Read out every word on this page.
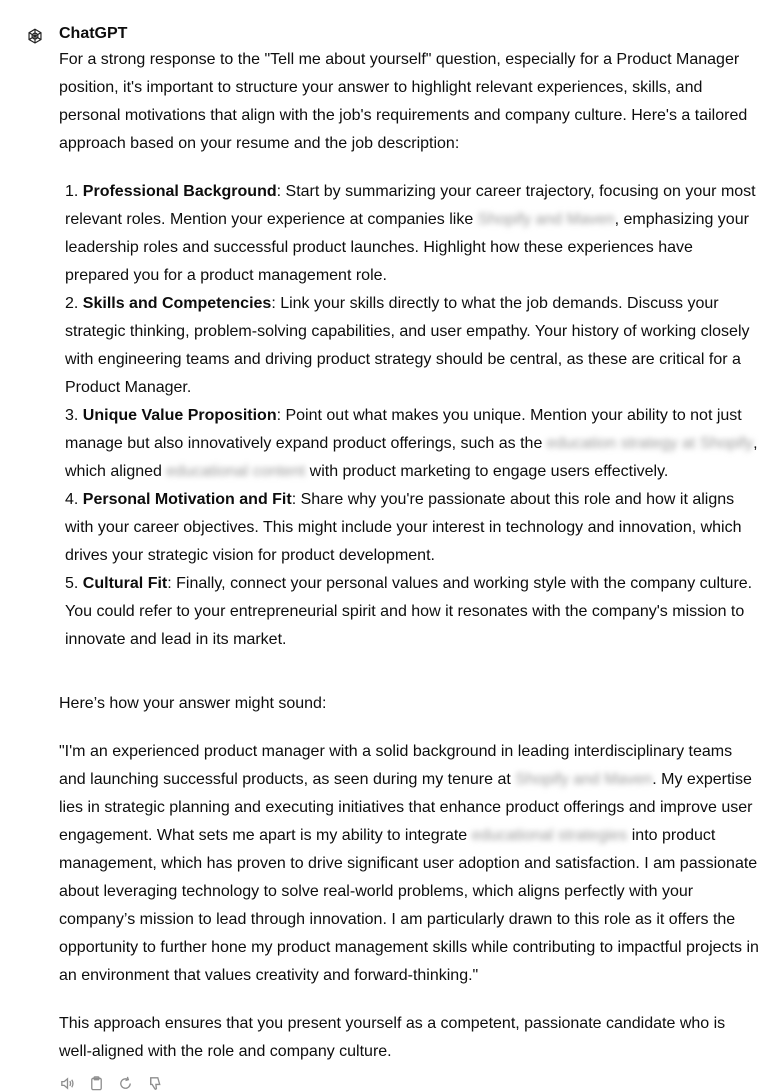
ChatGPT

For a strong response to the "Tell me about yourself" question, especially for a Product Manager position, it's important to structure your answer to highlight relevant experiences, skills, and personal motivations that align with the job's requirements and company culture. Here's a tailored approach based on your resume and the job description:

1. Professional Background: Start by summarizing your career trajectory, focusing on your most relevant roles. Mention your experience at companies like Shopify and Maven, emphasizing your leadership roles and successful product launches. Highlight how these experiences have prepared you for a product management role.
2. Skills and Competencies: Link your skills directly to what the job demands. Discuss your strategic thinking, problem-solving capabilities, and user empathy. Your history of working closely with engineering teams and driving product strategy should be central, as these are critical for a Product Manager.
3. Unique Value Proposition: Point out what makes you unique. Mention your ability to not just manage but also innovatively expand product offerings, such as the education strategy at Shopify, which aligned educational content with product marketing to engage users effectively.
4. Personal Motivation and Fit: Share why you're passionate about this role and how it aligns with your career objectives. This might include your interest in technology and innovation, which drives your strategic vision for product development.
5. Cultural Fit: Finally, connect your personal values and working style with the company culture. You could refer to your entrepreneurial spirit and how it resonates with the company's mission to innovate and lead in its market.

Here’s how your answer might sound:

"I'm an experienced product manager with a solid background in leading interdisciplinary teams and launching successful products, as seen during my tenure at Shopify and Maven. My expertise lies in strategic planning and executing initiatives that enhance product offerings and improve user engagement. What sets me apart is my ability to integrate educational strategies into product management, which has proven to drive significant user adoption and satisfaction. I am passionate about leveraging technology to solve real-world problems, which aligns perfectly with your company’s mission to lead through innovation. I am particularly drawn to this role as it offers the opportunity to further hone my product management skills while contributing to impactful projects in an environment that values creativity and forward-thinking."

This approach ensures that you present yourself as a competent, passionate candidate who is well-aligned with the role and company culture.
